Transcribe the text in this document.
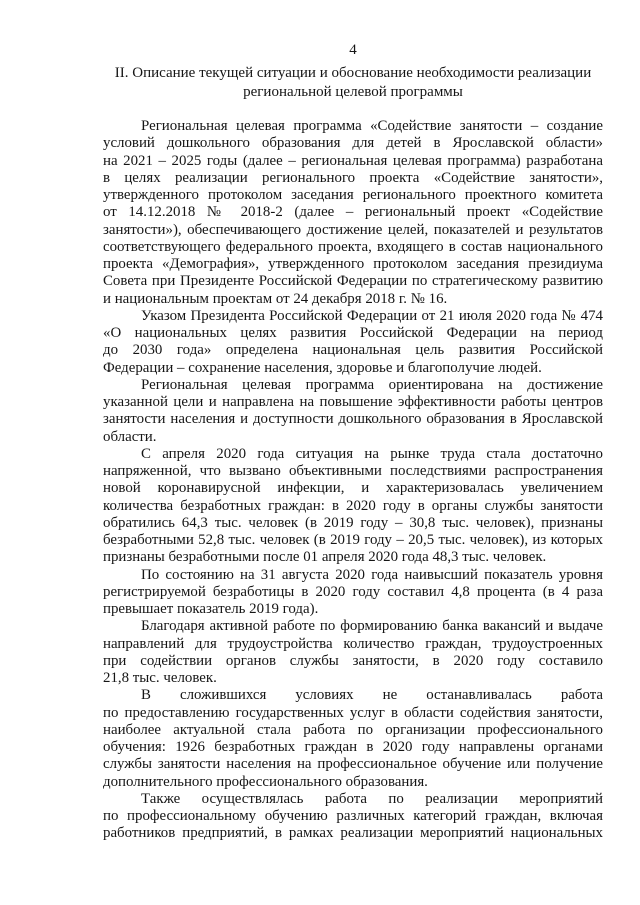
4
II. Описание текущей ситуации и обоснование необходимости реализации
региональной целевой программы
Региональная целевая программа «Содействие занятости – создание
условий дошкольного образования для детей в Ярославской области»
на 2021 – 2025 годы (далее – региональная целевая программа) разработана
в целях реализации регионального проекта «Содействие занятости»,
утвержденного протоколом заседания регионального проектного комитета
от 14.12.2018 № 2018-2 (далее – региональный проект «Содействие
занятости»), обеспечивающего достижение целей, показателей и результатов
соответствующего федерального проекта, входящего в состав национального
проекта «Демография», утвержденного протоколом заседания президиума
Совета при Президенте Российской Федерации по стратегическому развитию
и национальным проектам от 24 декабря 2018 г. № 16.
Указом Президента Российской Федерации от 21 июля 2020 года № 474
«О национальных целях развития Российской Федерации на период
до 2030 года» определена национальная цель развития Российской
Федерации – сохранение населения, здоровье и благополучие людей.
Региональная целевая программа ориентирована на достижение
указанной цели и направлена на повышение эффективности работы центров
занятости населения и доступности дошкольного образования в Ярославской
области.
С апреля 2020 года ситуация на рынке труда стала достаточно
напряженной, что вызвано объективными последствиями распространения
новой коронавирусной инфекции, и характеризовалась увеличением
количества безработных граждан: в 2020 году в органы службы занятости
обратились 64,3 тыс. человек (в 2019 году – 30,8 тыс. человек), признаны
безработными 52,8 тыс. человек (в 2019 году – 20,5 тыс. человек), из которых
признаны безработными после 01 апреля 2020 года 48,3 тыс. человек.
По состоянию на 31 августа 2020 года наивысший показатель уровня
регистрируемой безработицы в 2020 году составил 4,8 процента (в 4 раза
превышает показатель 2019 года).
Благодаря активной работе по формированию банка вакансий и выдаче
направлений для трудоустройства количество граждан, трудоустроенных
при содействии органов службы занятости, в 2020 году составило
21,8 тыс. человек.
В сложившихся условиях не останавливалась работа
по предоставлению государственных услуг в области содействия занятости,
наиболее актуальной стала работа по организации профессионального
обучения: 1926 безработных граждан в 2020 году направлены органами
службы занятости населения на профессиональное обучение или получение
дополнительного профессионального образования.
Также осуществлялась работа по реализации мероприятий
по профессиональному обучению различных категорий граждан, включая
работников предприятий, в рамках реализации мероприятий национальных
